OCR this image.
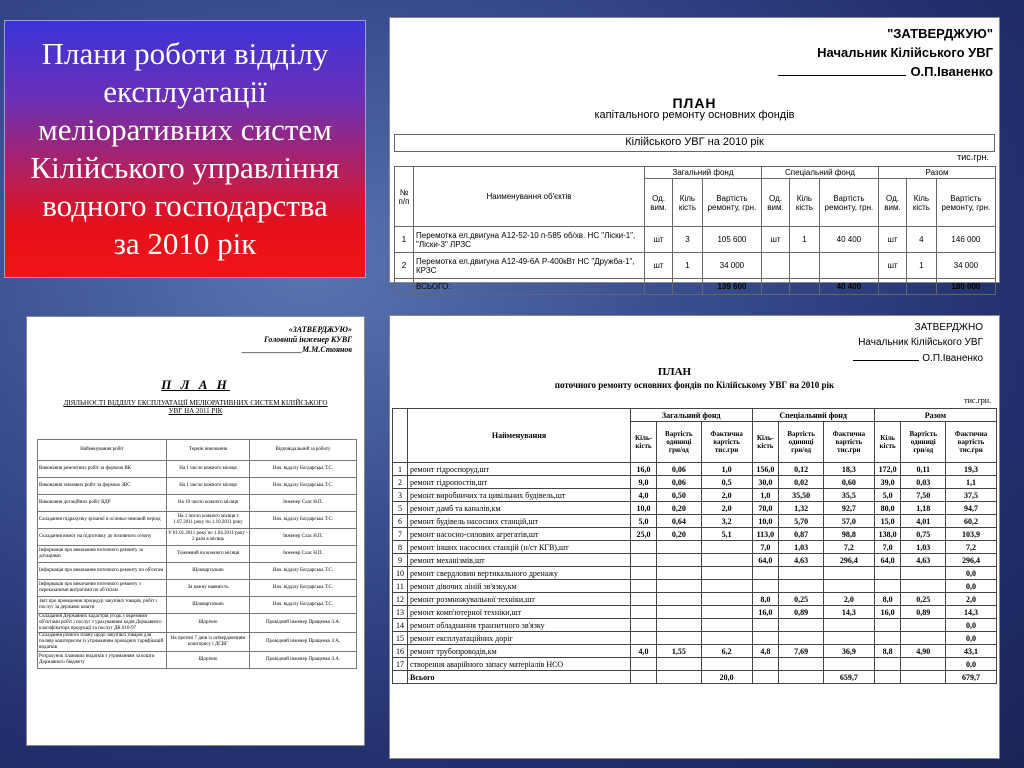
Плани роботи відділу
експлуатації
меліоративних систем
Кілійського управління
водного господарства
за 2010 рік
"ЗАТВЕРДЖУЮ"
Начальник Кілійського УВГ
О.П.Іваненко
ПЛАН
капітального ремонту основних фондів
Кілійського УВГ на 2010 рік
тис.грн.
№ п/п	Наименування об'єктів	Загальний фонд			Спеціальний фонд			Разом		
		Од. вим.	Кіль кість	Вартість ремонту, грн.	Од. вим.	Кіль кість	Вартість ремонту, грн.	Од. вим.	Кіль кість	Вартість ремонту, грн.
1	Перемотка ел.двигуна А12-52-10 п-585 об/хв. НС "Ліски-1", "Ліски-3" ЛРЗС	шт	3	105 600	шт	1	40 400	шт	4	146 000
2	Перемотка ел.двигуна А12-49-6А Р-400кВт НС "Дружба-1", КРЗС	шт	1	34 000				шт	1	34 000
	ВСЬОГО:			139 600			40 400			180 000
«ЗАТВЕРДЖУЮ»
Головний інженер КУВГ
_______________М.М.Стоянов
П Л А Н
ДІЯЛЬНОСТІ ВІДДІЛУ ЕКСПЛУАТАЦІЇ МЕЛІОРАТИВНИХ СИСТЕМ КІЛІЙСЬКОГО УВГ НА 2011 РІК
Найменування робіт	Термін виконання	Відповідальний за роботу
Виконання ремонтних робіт за формою ВК	На 1 число кожного місяця	Нач. відділу Богдарська Т.С.
Виконання земляних робіт за формою ЗВС	На 1 число кожного місяця	Нач. відділу Богдарська Т.С.
Виконання дотаційних робіт ВДР	На 10 число кожного місяця	Інженер Слас Н.П.
Складання підрахунку зрізаної в осінньо-зимовий період	На 1 число кожного місяця з 1.07.2011 року по 1.10.2011 року	Нач. відділу Богдарська Т.С.
Складання вимог на підготовку до поливного сезону	У 01.01.2011 року по 1.04.2011 року - 2 рази в місяць	Інженер Слас Н.П.
Інформація про виконання поточного ремонту за дотаціями	Тижневий на кожного місяця	Інженер Слас Н.П.
Інформація про виконання поточного ремонту по об'єктам	Щоквартально	Нач. відділу Богдарська Т.С.
Інформація про виконання поточного ремонту з переказаними витратами по об'єктам	За кожну наявність	Нач. відділу Богдарська Т.С.
Звіт про проведення процедур закупівлі товарів, робіт і послуг за державні кошти	Щоквартально	Нач. відділу Богдарська Т.С.
Складання Державних кадастрів угодь з окремими об'єктами робіт і послуг з урахуванням кодів Державного класифікатора продукції та послуг ДК 016-97	Щорічно	Провідний інженер Пращенко З.А.
Складання річного плану щодо закупівлі товарів для поливу кошторисом із утриманням провідних тарифікацій видатків	На протязі 7 днів із затвердженням кошторису і ДСВГ	Провідний інженер Пращенко З.А.
Розрахунок планових видатків з утриманням за кошти Державного бюджету	Щорічно	Провідний інженер Пращенко З.А.
ЗАТВЕРДЖНО
Начальник Кілійського УВГ
О.П.Іваненко
ПЛАН
поточного ремонту основних фондів по Кілійському УВГ на 2010 рік
тис.грн.
	Найменування	Загальний фонд			Спеціальний фонд			Разом		
		Кіль-кість	Вартість одиниці грн/од	Фактична вартість тис.грн	Кіль-кість	Вартість одиниці грн/од	Фактична вартість тис.грн	Кіль кість	Вартість одиниці грн/од	Фактична вартість тис.грн
1	ремонт гідроспоруд,шт	16,0	0,06	1,0	156,0	0,12	18,3	172,0	0,11	19,3
2	ремонт гідропостів,шт	9,0	0,06	0,5	30,0	0,02	0,60	39,0	0,03	1,1
3	ремонт виробничих та цивільних будівель,шт	4,0	0,50	2,0	1,0	35,50	35,5	5,0	7,50	37,5
5	ремонт дамб та каналів,км	10,0	0,20	2,0	70,0	1,32	92,7	80,0	1,18	94,7
6	ремонт будівель насосних станцій,шт	5,0	0,64	3,2	10,0	5,70	57,0	15,0	4,01	60,2
7	ремонт насосно-силових агрегатів,шт	25,0	0,20	5,1	113,0	0,87	98,8	138,0	0,75	103,9
8	ремонт інших насосних станцій (н/ст КГВ),шт				7,0	1,03	7,2	7,0	1,03	7,2
9	ремонт механізмів,шт				64,0	4,63	296,4	64,0	4,63	296,4
10	ремонт свердловин вертикального дренажу									0,0
11	ремонт дівочих ліній зв'язку,км									0,0
12	ремонт розмножувальної техніки,шт				8,0	0,25	2,0	8,0	0,25	2,0
13	ремонт комп'ютерної техніки,шт				16,0	0,89	14,3	16,0	0,89	14,3
14	ремонт обладнання транзитного зв'язку									0,0
15	ремонт експлуатаційних доріг									0,0
16	ремонт трубопроводів,км	4,0	1,55	6,2	4,8	7,69	36,9	8,8	4,90	43,1
17	створення аварійного запасу матеріалів НСО									0,0
	Всього			20,0			659,7			679,7
